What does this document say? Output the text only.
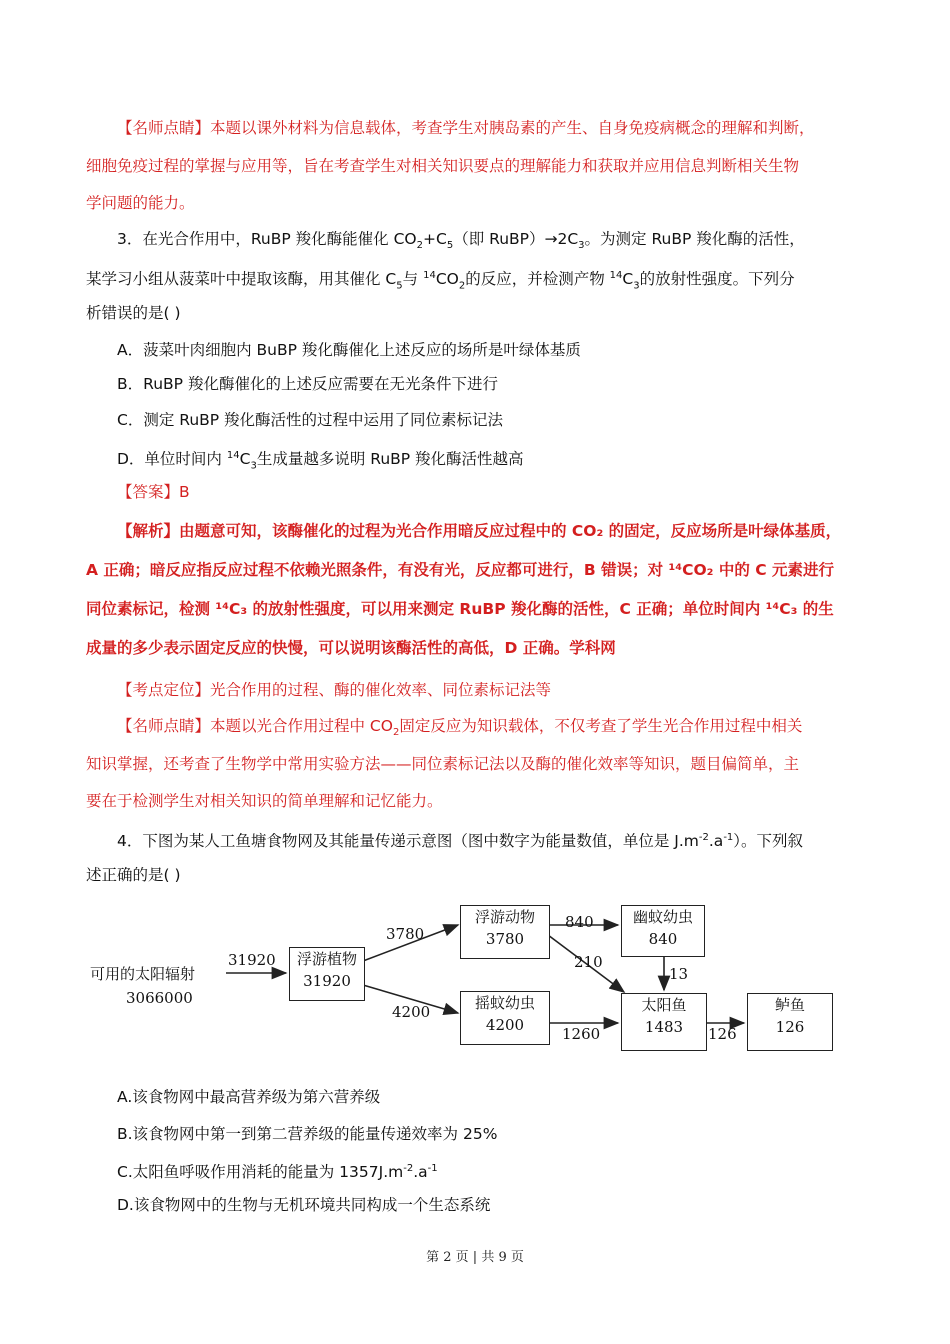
【名师点睛】本题以课外材料为信息载体，考查学生对胰岛素的产生、自身免疫病概念的理解和判断，
细胞免疫过程的掌握与应用等，旨在考查学生对相关知识要点的理解能力和获取并应用信息判断相关生物
学问题的能力。
3．在光合作用中，RuBP 羧化酶能催化 $CO_2+C_5$（即 $RuBP)\to 2C_3$。为测定 RuBP 羧化酶的活性，
某学习小组从菠菜叶中提取该酶，用其催化 $C_5$与 $^{14}CO_2$的反应，并检测产物 $^{14}C_3$的放射性强度。下列分
析错误的是( )
A．菠菜叶肉细胞内 BuBP 羧化酶催化上述反应的场所是叶绿体基质
B．RuBP 羧化酶催化的上述反应需要在无光条件下进行
C．测定 RuBP 羧化酶活性的过程中运用了同位素标记法
D．单位时间内 $^{14}C_3$生成量越多说明 RuBP 羧化酶活性越高
【答案】B
【解析】由题意可知，该酶催化的过程为光合作用暗反应过程中的 CO₂ 的固定，反应场所是叶绿体基质，
A 正确；暗反应指反应过程不依赖光照条件，有没有光，反应都可进行，B 错误；对 ¹⁴CO₂ 中的 C 元素进行
同位素标记，检测 ¹⁴C₃ 的放射性强度，可以用来测定 RuBP 羧化酶的活性，C 正确；单位时间内 ¹⁴C₃ 的生
成量的多少表示固定反应的快慢，可以说明该酶活性的高低，D 正确。学科网
【考点定位】光合作用的过程、酶的催化效率、同位素标记法等
【名师点睛】本题以光合作用过程中 $CO_2$固定反应为知识载体，不仅考查了学生光合作用过程中相关
知识掌握，还考查了生物学中常用实验方法——同位素标记法以及酶的催化效率等知识，题目偏简单，主
要在于检测学生对相关知识的简单理解和记忆能力。
4．下图为某人工鱼塘食物网及其能量传递示意图（图中数字为能量数值，单位是 $J.m^{-2}.a^{-1}$）。下列叙
述正确的是( )
可用的太阳辐射
3066000
浮游植物
31920
浮游动物
3780
摇蚊幼虫
4200
幽蚊幼虫
840
太阳鱼
1483
鲈鱼
126
31920
3780
4200
840
210
13
1260	126
A.该食物网中最高营养级为第六营养级
B.该食物网中第一到第二营养级的能量传递效率为 25%
C.太阳鱼呼吸作用消耗的能量为 $1357J.m^{-2}.a^{-1}$
D.该食物网中的生物与无机环境共同构成一个生态系统
第 2 页 | 共 9 页
